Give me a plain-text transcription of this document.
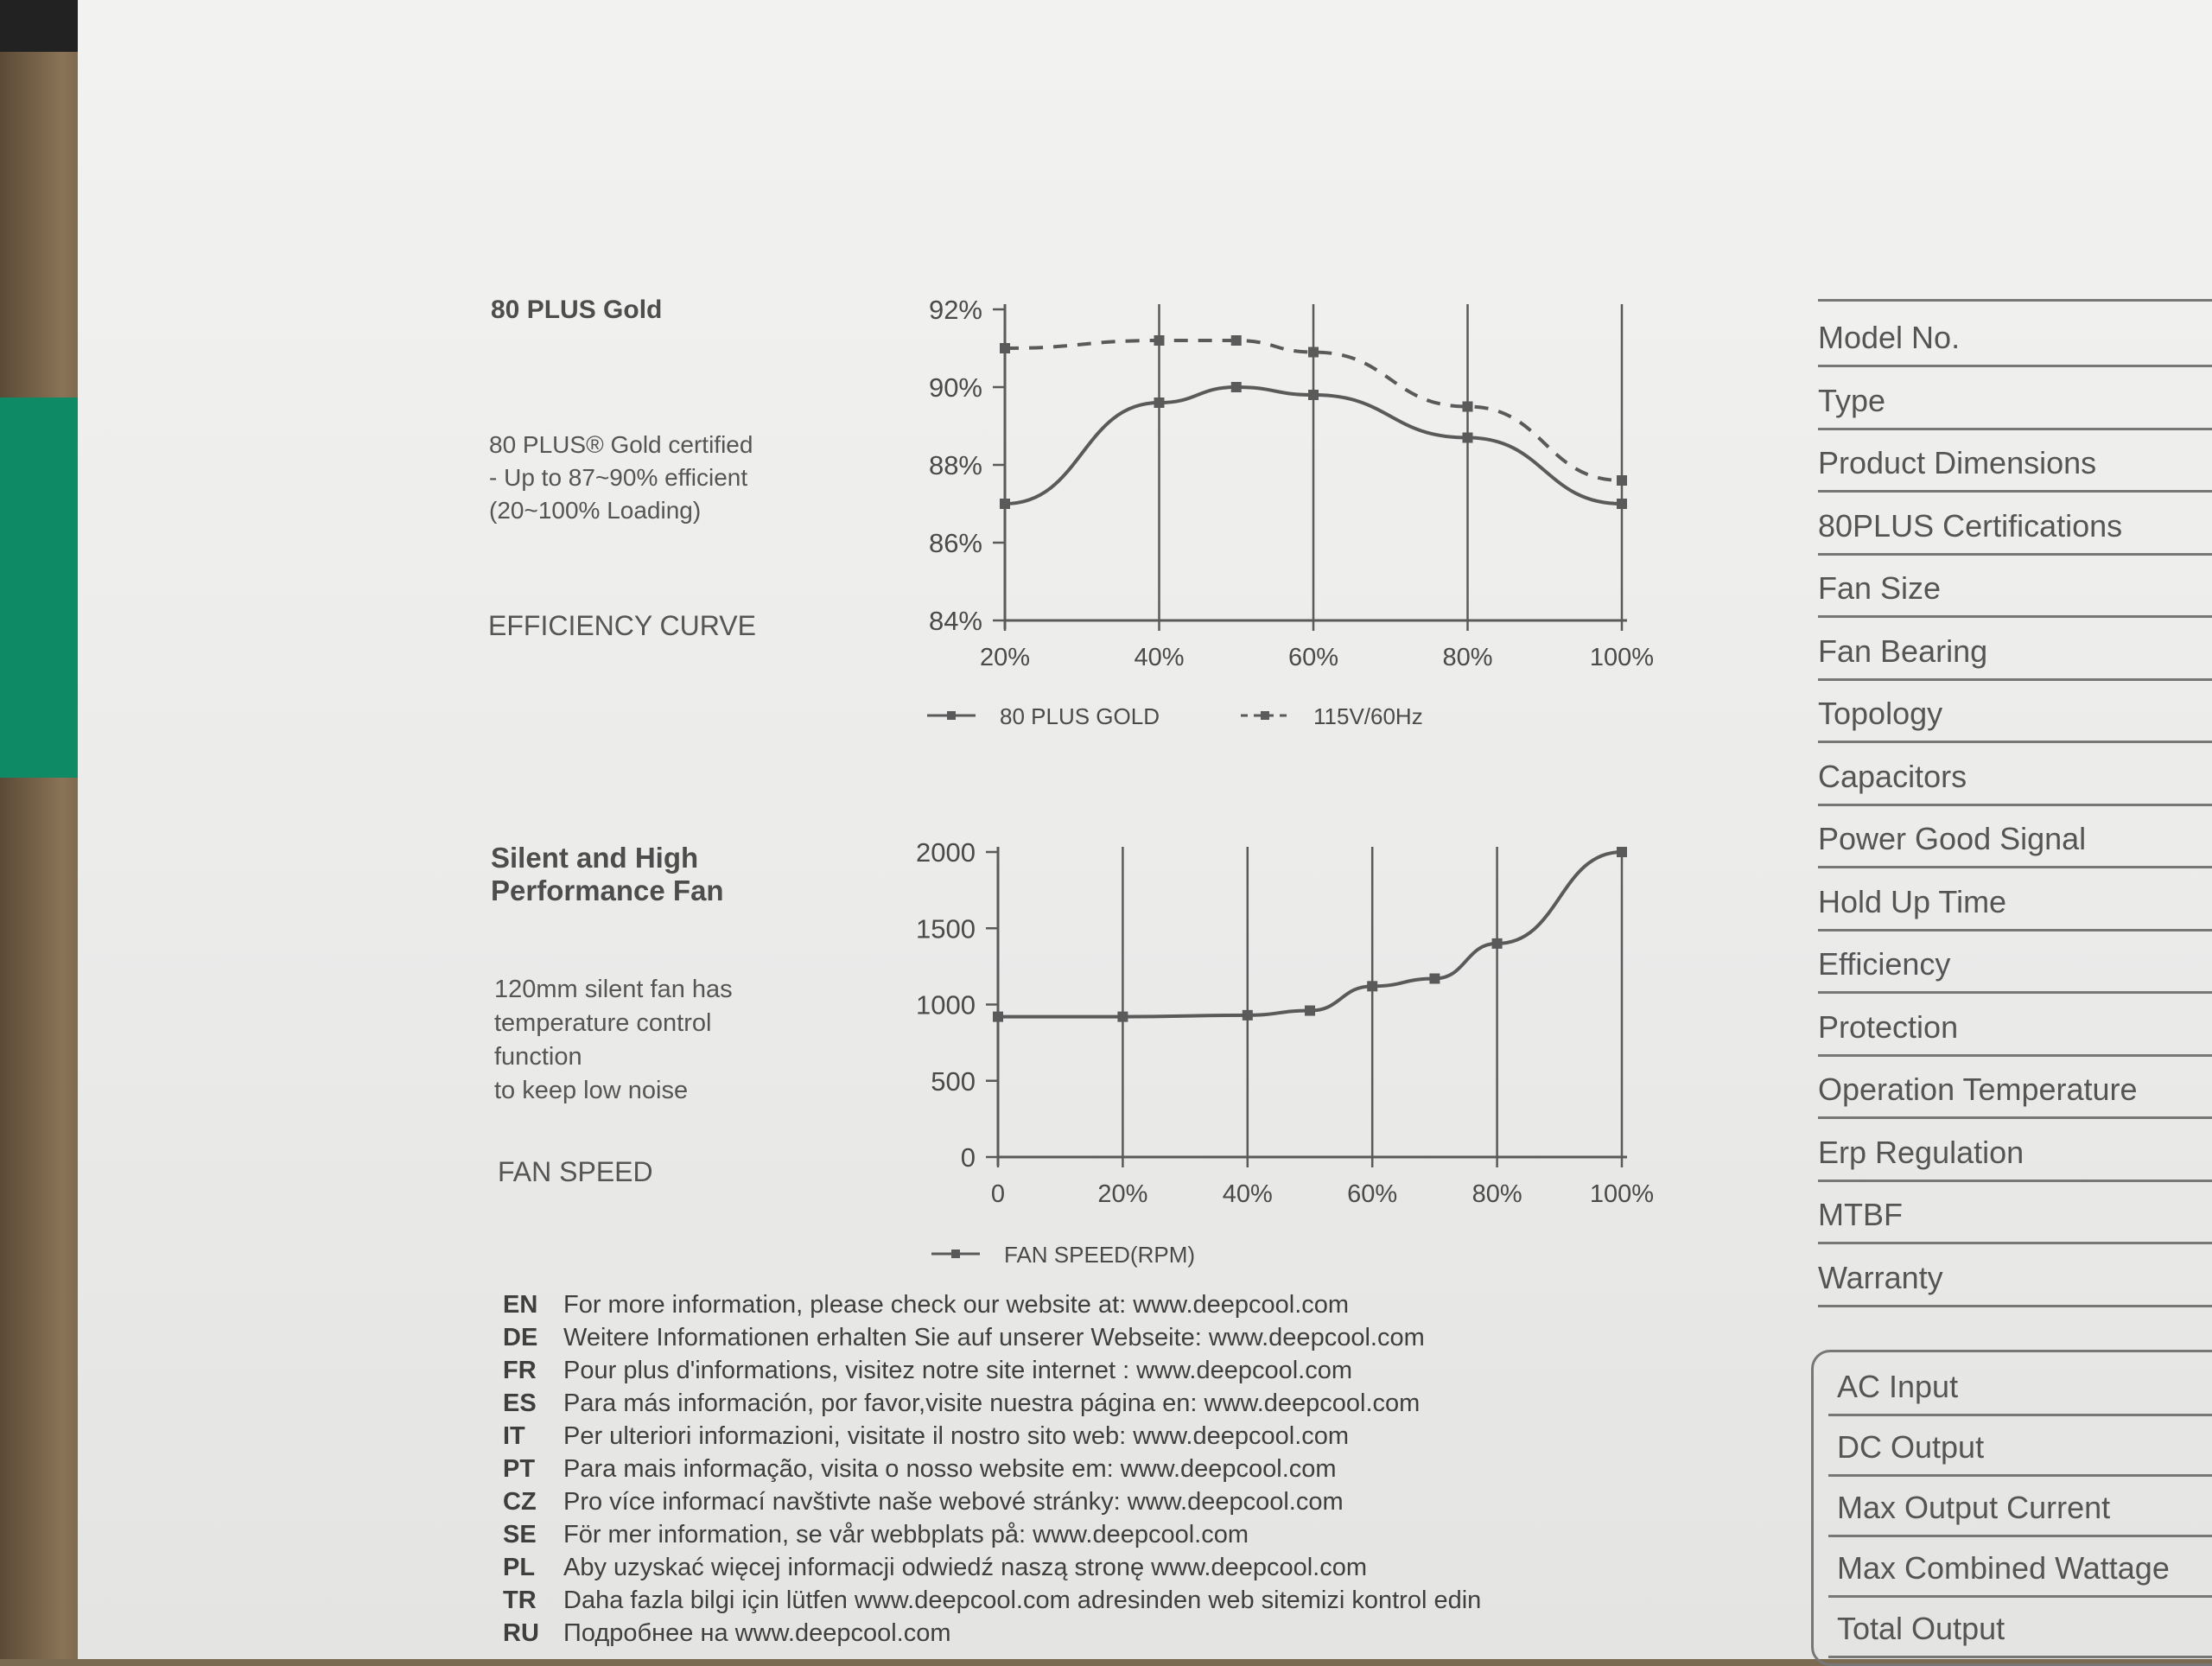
80 PLUS Gold
80 PLUS® Gold certified
- Up to 87~90% efficient
(20~100% Loading)
EFFICIENCY CURVE
20%	40%	60%	80%	100%
84%
86%
88%
90%
92%
80 PLUS GOLD	115V/60Hz
0	20%	40%	60%	80%	100%
0
500
1000
1500
2000
FAN SPEED(RPM)
Silent and High
Performance Fan
120mm silent fan has
temperature control
function
to keep low noise
FAN SPEED
EN For more information, please check our website at: www.deepcool.com
DE Weitere Informationen erhalten Sie auf unserer Webseite: www.deepcool.com
FR Pour plus d'informations, visitez notre site internet : www.deepcool.com
ES Para más información, por favor,visite nuestra página en: www.deepcool.com
IT Per ulteriori informazioni, visitate il nostro sito web: www.deepcool.com
PT Para mais informação, visita o nosso website em: www.deepcool.com
CZ Pro více informací navštivte naše webové stránky: www.deepcool.com
SE För mer information, se vår webbplats på: www.deepcool.com
PL Aby uzyskać więcej informacji odwiedź naszą stronę www.deepcool.com
TR Daha fazla bilgi için lütfen www.deepcool.com adresinden web sitemizi kontrol edin
RU Подробнее на www.deepcool.com
Model No.
Type
Product Dimensions
80PLUS Certifications
Fan Size
Fan Bearing
Topology
Capacitors
Power Good Signal
Hold Up Time
Efficiency
Protection
Operation Temperature
Erp Regulation
MTBF
Warranty
AC Input
DC Output
Max Output Current
Max Combined Wattage
Total Output
